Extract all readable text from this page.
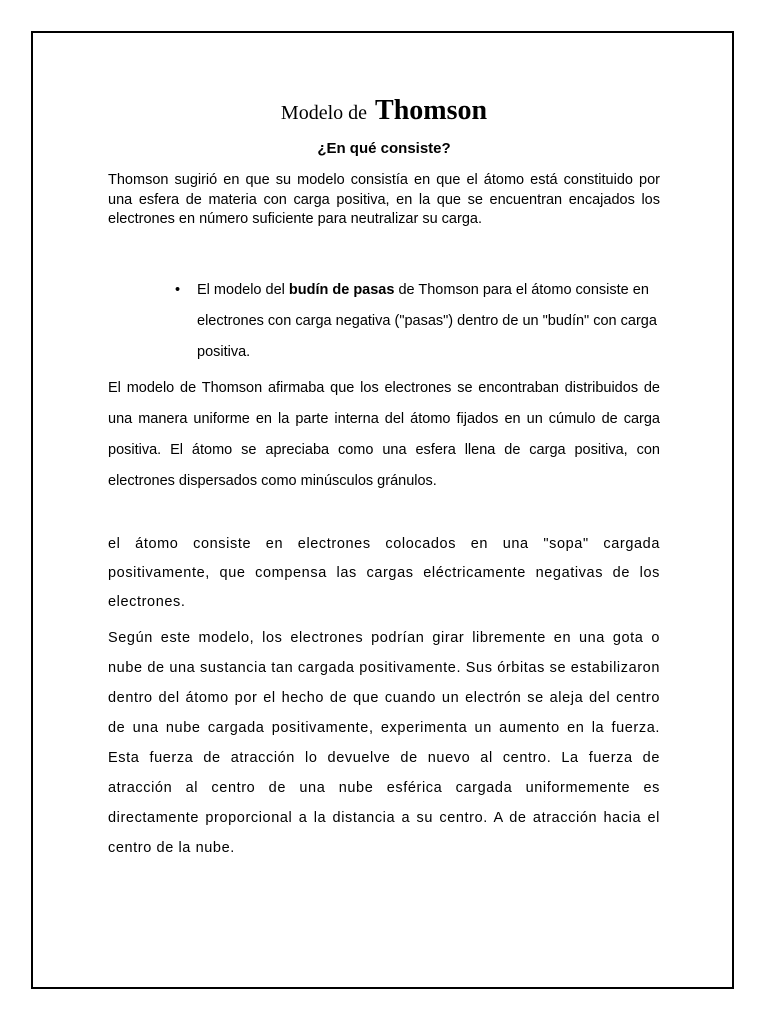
Modelo de Thomson
¿En qué consiste?

Thomson sugirió en que su modelo consistía en que el átomo está constituido por una esfera de materia con carga positiva, en la que se encuentran encajados los electrones en número suficiente para neutralizar su carga.

• El modelo del budín de pasas de Thomson para el átomo consiste en electrones con carga negativa ("pasas") dentro de un "budín" con carga positiva.

El modelo de Thomson afirmaba que los electrones se encontraban distribuidos de una manera uniforme en la parte interna del átomo fijados en un cúmulo de carga positiva. El átomo se apreciaba como una esfera llena de carga positiva, con electrones dispersados como minúsculos gránulos.

el átomo consiste en electrones colocados en una "sopa" cargada positivamente, que compensa las cargas eléctricamente negativas de los electrones.

Según este modelo, los electrones podrían girar libremente en una gota o nube de una sustancia tan cargada positivamente. Sus órbitas se estabilizaron dentro del átomo por el hecho de que cuando un electrón se aleja del centro de una nube cargada positivamente, experimenta un aumento en la fuerza. Esta fuerza de atracción lo devuelve de nuevo al centro. La fuerza de atracción al centro de una nube esférica cargada uniformemente es directamente proporcional a la distancia a su centro. A de atracción hacia el centro de la nube.
